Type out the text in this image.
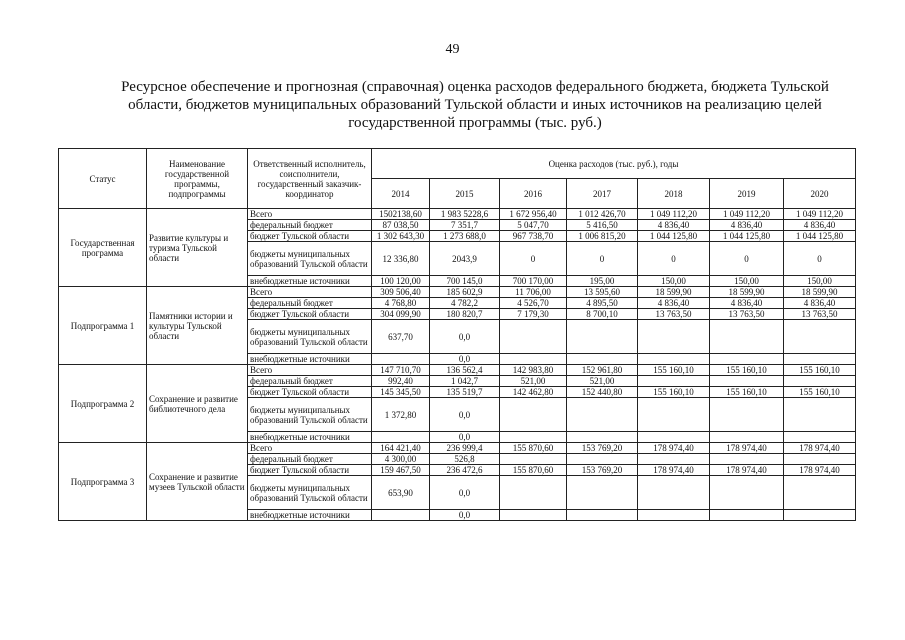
49
Ресурсное обеспечение и прогнозная (справочная) оценка расходов федерального бюджета, бюджета Тульской области, бюджетов муниципальных образований Тульской области и иных источников на реализацию целей государственной программы (тыс. руб.)
Статус	Наименование государственной программы, подпрограммы	Ответственный исполнитель, соисполнители, государственный заказчик-координатор	Оценка расходов (тыс. руб.), годы						
			2014	2015	2016	2017	2018	2019	2020
Государственная программа	Развитие культуры и туризма Тульской области	Всего	1502138,60	1 983 5228,6	1 672 956,40	1 012 426,70	1 049 112,20	1 049 112,20	1 049 112,20
		федеральный бюджет	87 038,50	7 351,7	5 047,70	5 416,50	4 836,40	4 836,40	4 836,40
		бюджет Тульской области	1 302 643,30	1 273 688,0	967 738,70	1 006 815,20	1 044 125,80	1 044 125,80	1 044 125,80
		бюджеты муниципальных образований Тульской области	12 336,80	2043,9	0	0	0	0	0
		внебюджетные источники	100 120,00	700 145,0	700 170,00	195,00	150,00	150,00	150,00
Подпрограмма 1	Памятники истории и культуры Тульской области	Всего	309 506,40	185 602,9	11 706,00	13 595,60	18 599,90	18 599,90	18 599,90
		федеральный бюджет	4 768,80	4 782,2	4 526,70	4 895,50	4 836,40	4 836,40	4 836,40
		бюджет Тульской области	304 099,90	180 820,7	7 179,30	8 700,10	13 763,50	13 763,50	13 763,50
		бюджеты муниципальных образований Тульской области	637,70	0,0					
		внебюджетные источники		0,0					
Подпрограмма 2	Сохранение и развитие библиотечного дела	Всего	147 710,70	136 562,4	142 983,80	152 961,80	155 160,10	155 160,10	155 160,10
		федеральный бюджет	992,40	1 042,7	521,00	521,00			
		бюджет Тульской области	145 345,50	135 519,7	142 462,80	152 440,80	155 160,10	155 160,10	155 160,10
		бюджеты муниципальных образований Тульской области	1 372,80	0,0					
		внебюджетные источники		0,0					
Подпрограмма 3	Сохранение и развитие музеев Тульской области	Всего	164 421,40	236 999,4	155 870,60	153 769,20	178 974,40	178 974,40	178 974,40
		федеральный бюджет	4 300,00	526,8					
		бюджет Тульской области	159 467,50	236 472,6	155 870,60	153 769,20	178 974,40	178 974,40	178 974,40
		бюджеты муниципальных образований Тульской области	653,90	0,0					
		внебюджетные источники		0,0					
